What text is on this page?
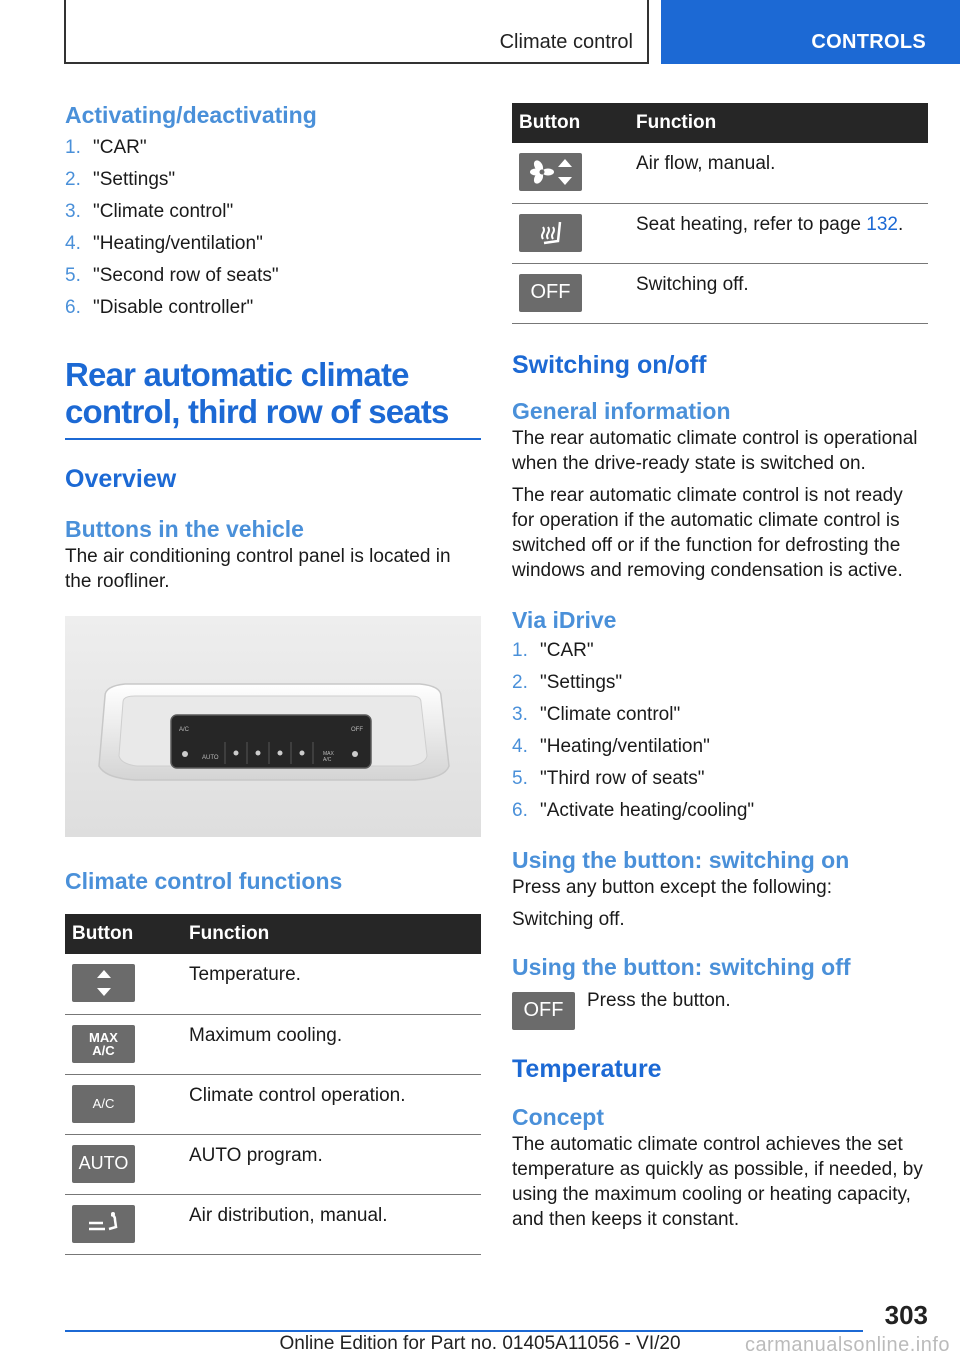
Climate control	CONTROLS
Activating/deactivating
1. "CAR"
2. "Settings"
3. "Climate control"
4. "Heating/ventilation"
5. "Second row of seats"
6. "Disable controller"
Rear automatic climate
control, third row of seats
Overview
Buttons in the vehicle

The air conditioning control panel is located in the roofliner.

A/C	OFF
AUTO
MAX
A/C
Climate control functions
Button	Function

	Temperature.

MAX
A/C	Maximum cooling.

A/C	Climate control operation.

AUTO	AUTO program.

	Air distribution, manual.
Button	Function

	Air flow, manual.

	Seat heating, refer to page 132.

OFF	Switching off.
Switching on/off
General information

The rear automatic climate control is operational when the drive-ready state is switched on.

The rear automatic climate control is not ready for operation if the automatic climate control is switched off or if the function for defrosting the windows and removing condensation is active.

Via iDrive
1. "CAR"
2. "Settings"
3. "Climate control"
4. "Heating/ventilation"
5. "Third row of seats"
6. "Activate heating/cooling"
Using the button: switching on

Press any button except the following:

Switching off.

Using the button: switching off
OFF Press the button.

Temperature
Concept

The automatic climate control achieves the set temperature as quickly as possible, if needed, by using the maximum cooling or heating capacity, and then keeps it constant.

303
Online Edition for Part no. 01405A11056 - VI/20	carmanualsonline.info
